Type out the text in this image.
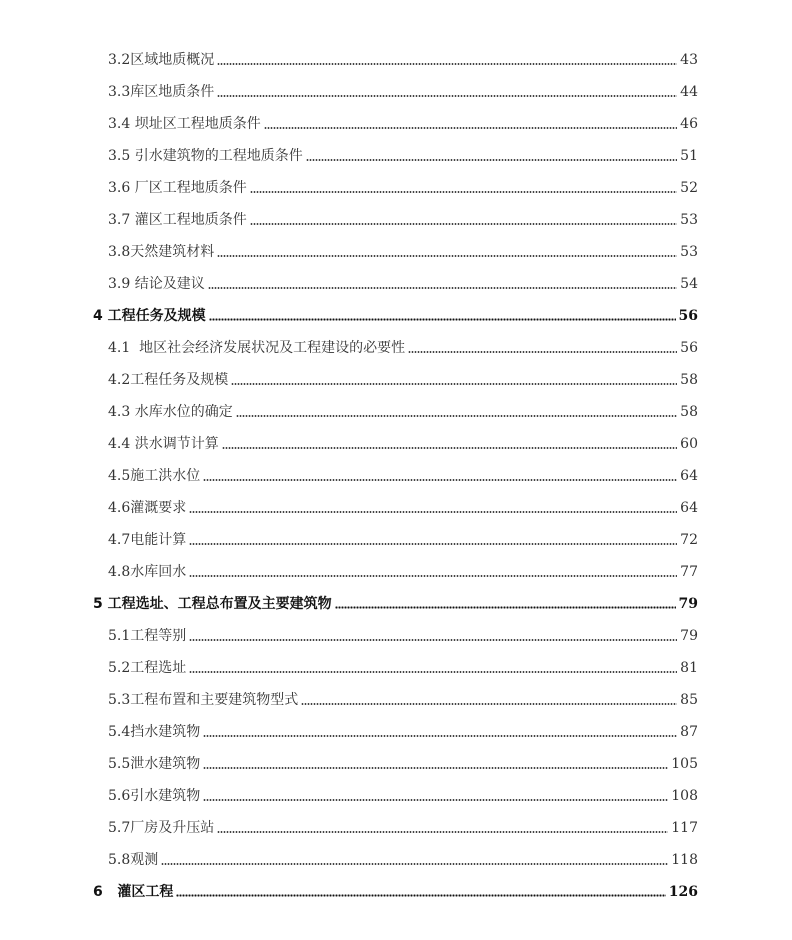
3.2区域地质概况	43
3.3库区地质条件	44
3.4 坝址区工程地质条件	46
3.5 引水建筑物的工程地质条件	51
3.6 厂区工程地质条件	52
3.7 灌区工程地质条件	53
3.8天然建筑材料	53
3.9 结论及建议	54
4 工程任务及规模	56
4.1  地区社会经济发展状况及工程建设的必要性	56
4.2工程任务及规模	58
4.3 水库水位的确定	58
4.4 洪水调节计算	60
4.5施工洪水位	64
4.6灌溉要求	64
4.7电能计算	72
4.8水库回水	77
5 工程选址、工程总布置及主要建筑物	79
5.1工程等别	79
5.2工程选址	81
5.3工程布置和主要建筑物型式	85
5.4挡水建筑物	87
5.5泄水建筑物	105
5.6引水建筑物	108
5.7厂房及升压站	117
5.8观测	118
6   灌区工程	126
